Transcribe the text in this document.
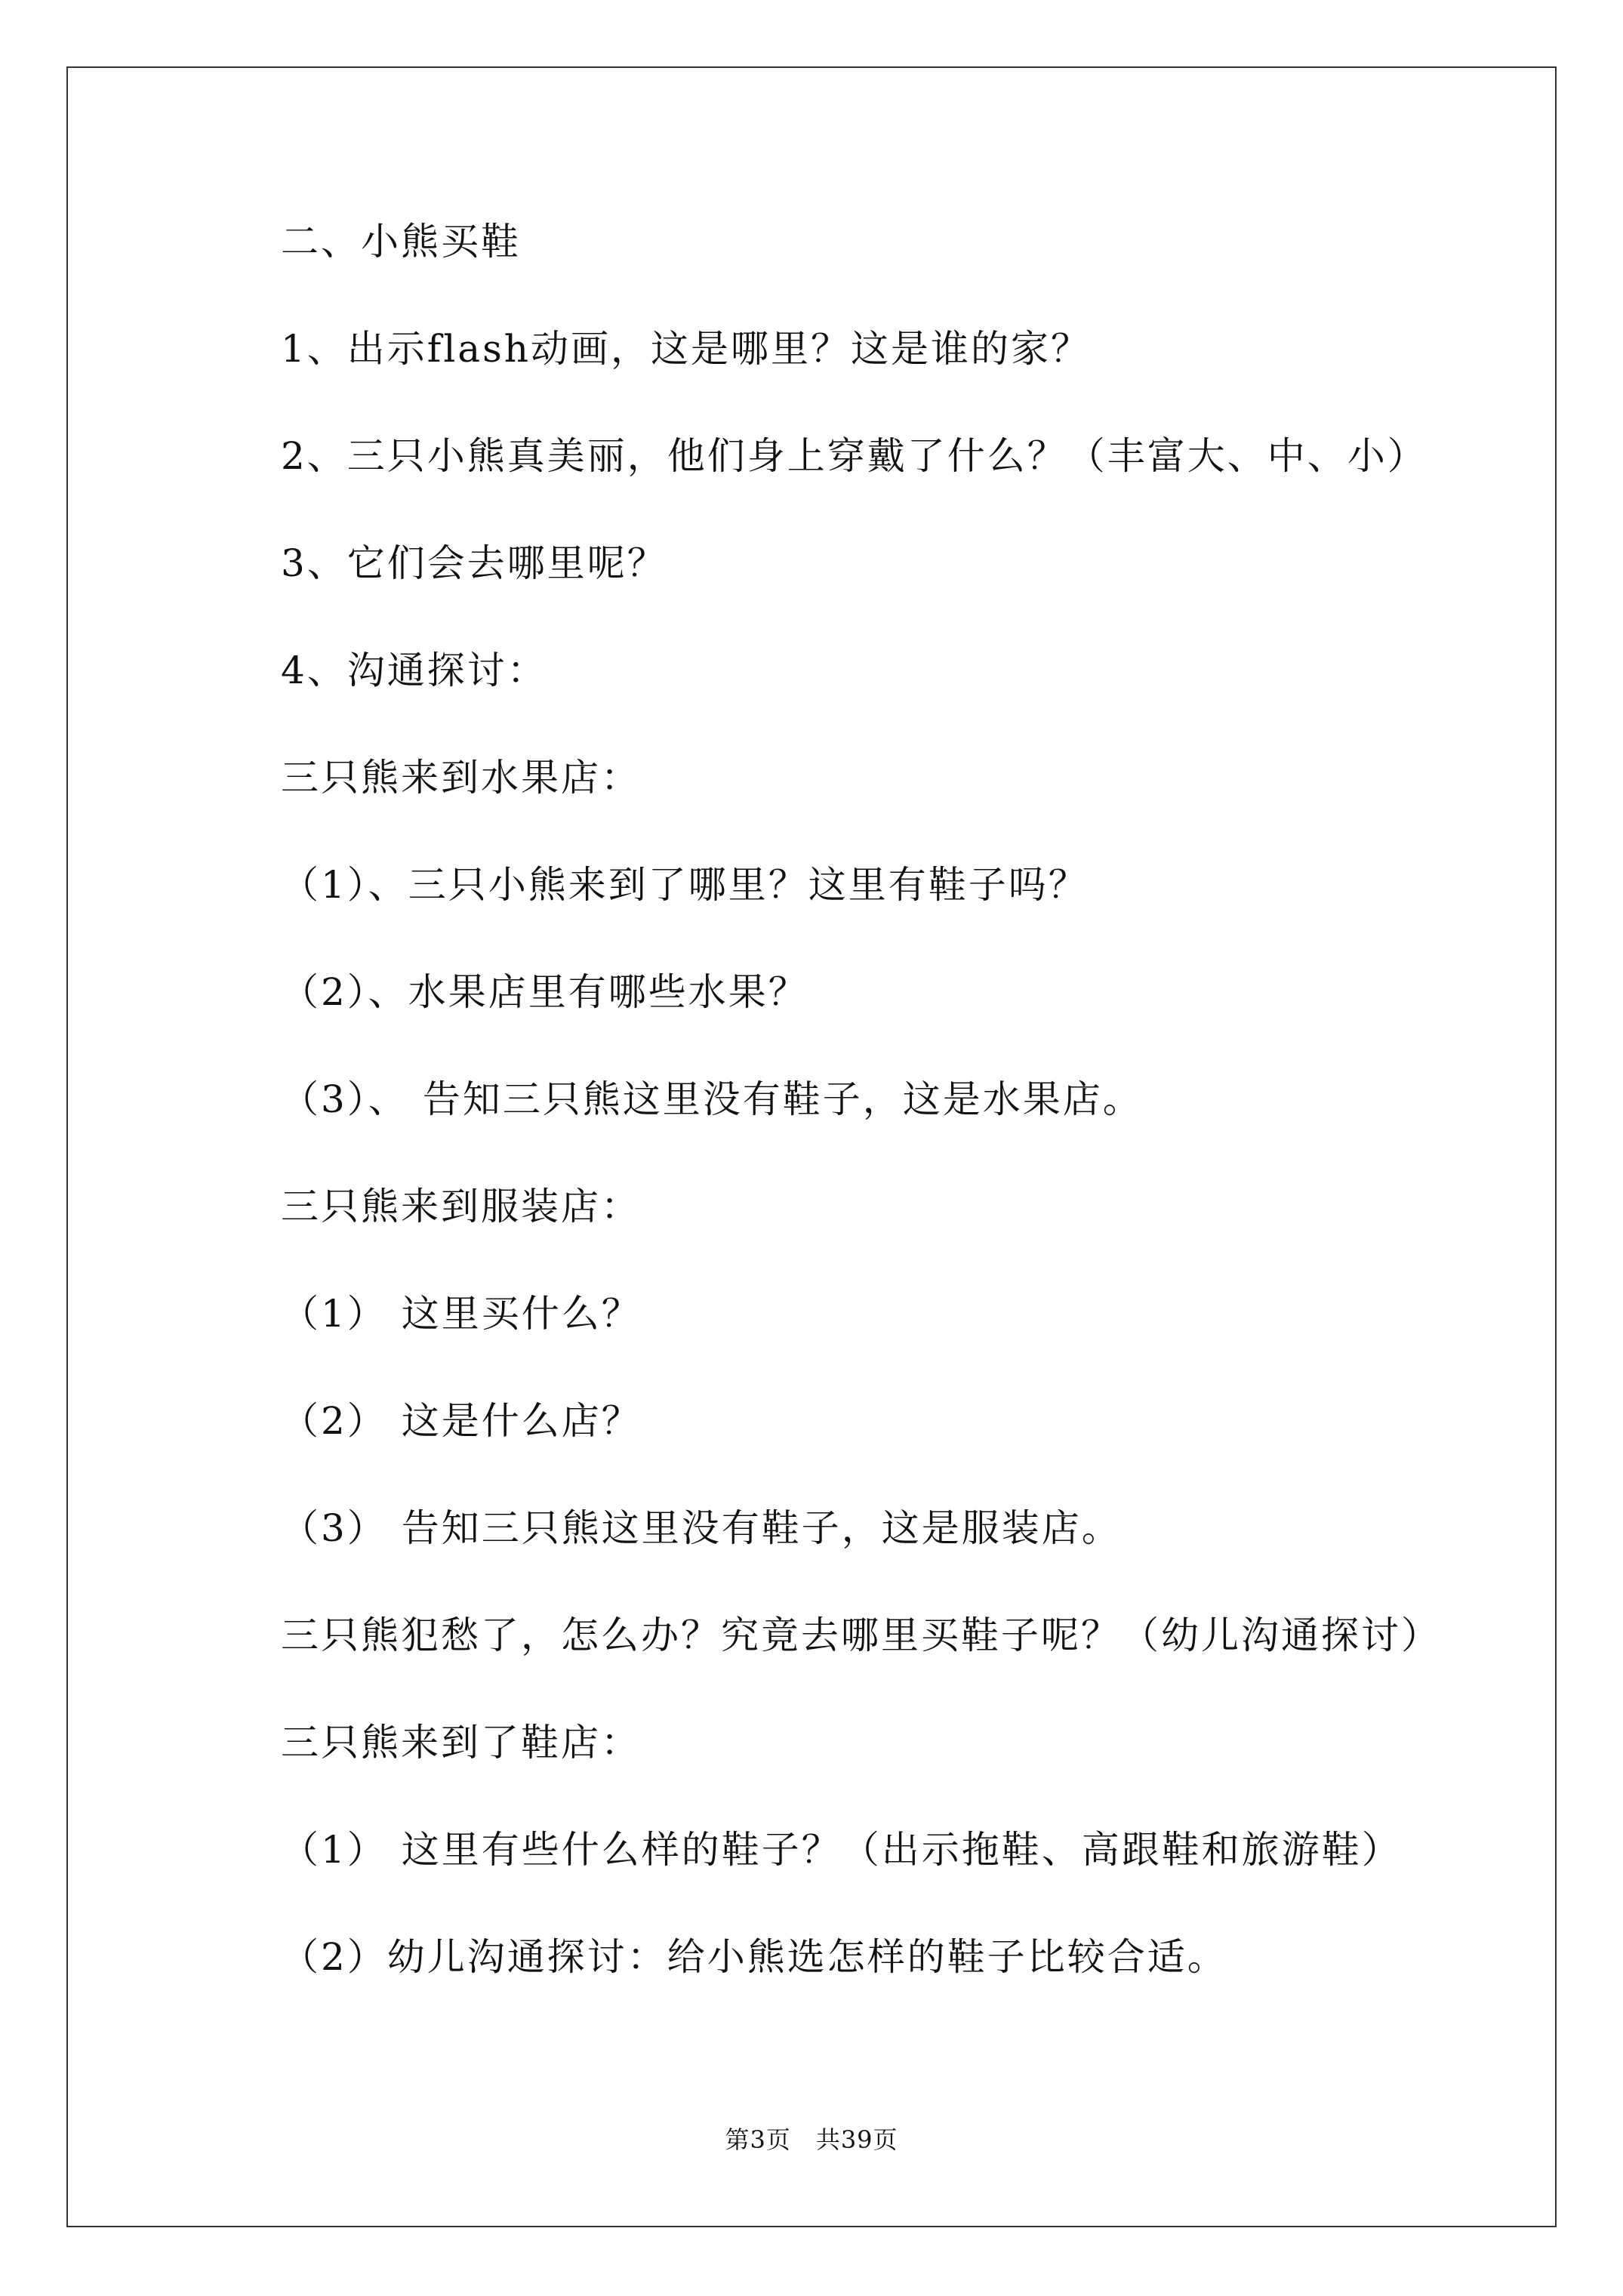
二、小熊买鞋
1、出示flash动画，这是哪里？这是谁的家？
2、三只小熊真美丽，他们身上穿戴了什么？（丰富大、中、小）
3、它们会去哪里呢？
4、沟通探讨：
三只熊来到水果店：
（1）、三只小熊来到了哪里？这里有鞋子吗？
（2）、水果店里有哪些水果？
（3）、 告知三只熊这里没有鞋子，这是水果店。
三只熊来到服装店：
（1） 这里买什么？
（2） 这是什么店？
（3） 告知三只熊这里没有鞋子，这是服装店。
三只熊犯愁了，怎么办？究竟去哪里买鞋子呢？（幼儿沟通探讨）
三只熊来到了鞋店：
（1） 这里有些什么样的鞋子？（出示拖鞋、高跟鞋和旅游鞋）
（2）幼儿沟通探讨：给小熊选怎样的鞋子比较合适。
第3页　共39页
